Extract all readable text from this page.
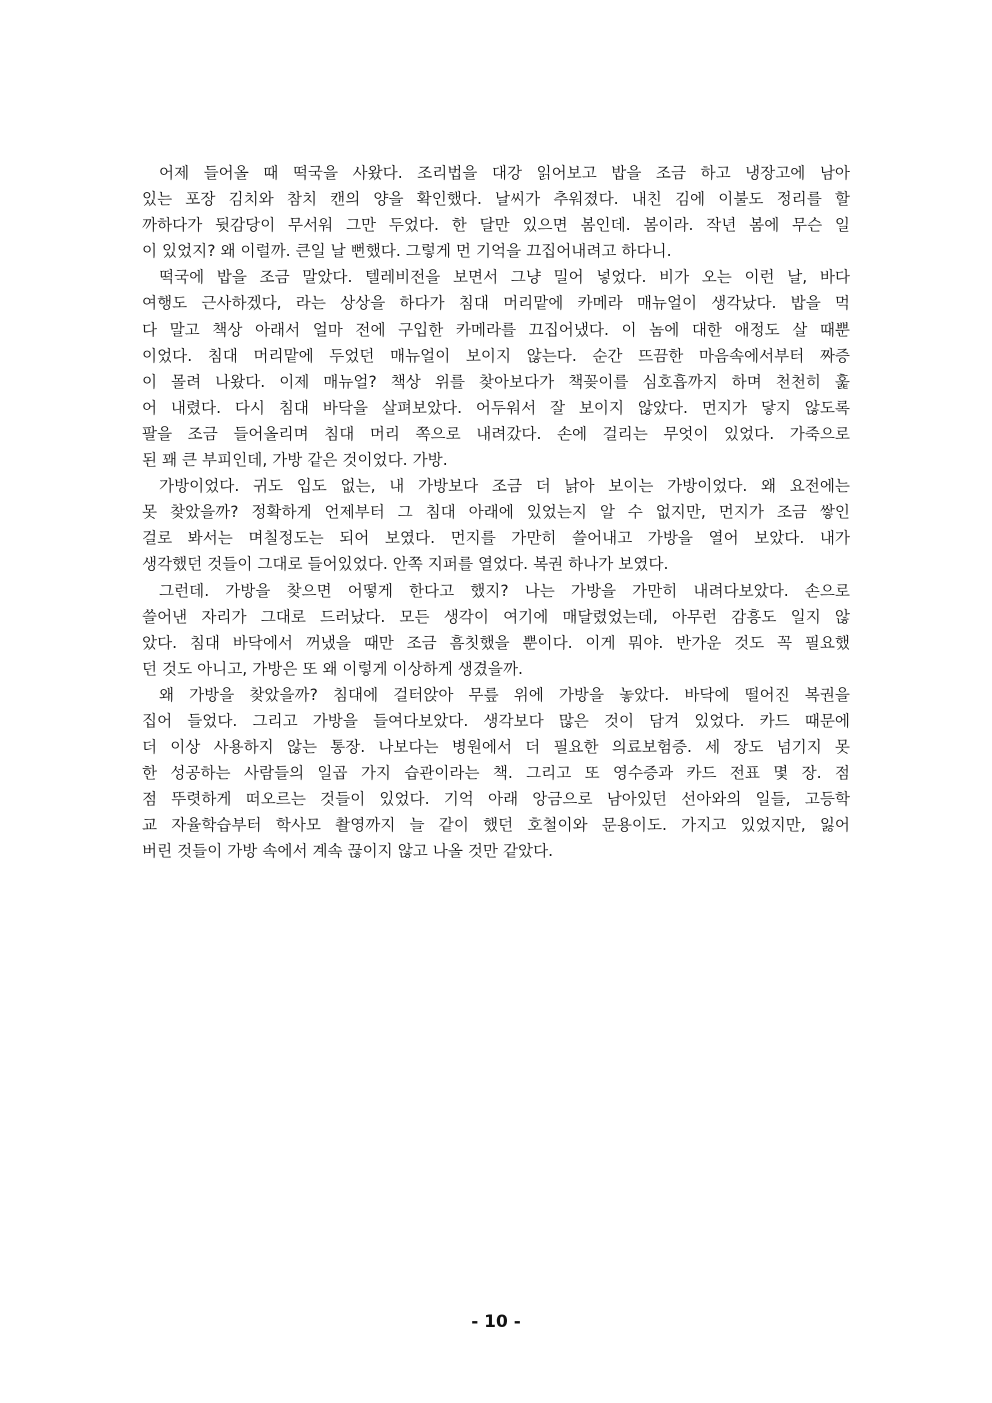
어제 들어올 때 떡국을 사왔다. 조리법을 대강 읽어보고 밥을 조금 하고 냉장고에 남아
있는 포장 김치와 참치 캔의 양을 확인했다. 날씨가 추워졌다. 내친 김에 이불도 정리를 할
까하다가 뒷감당이 무서워 그만 두었다. 한 달만 있으면 봄인데. 봄이라. 작년 봄에 무슨 일
이 있었지? 왜 이럴까. 큰일 날 뻔했다. 그렇게 먼 기억을 끄집어내려고 하다니.
떡국에 밥을 조금 말았다. 텔레비전을 보면서 그냥 밀어 넣었다. 비가 오는 이런 날, 바다
여행도 근사하겠다, 라는 상상을 하다가 침대 머리맡에 카메라 매뉴얼이 생각났다. 밥을 먹
다 말고 책상 아래서 얼마 전에 구입한 카메라를 끄집어냈다. 이 놈에 대한 애정도 살 때뿐
이었다. 침대 머리맡에 두었던 매뉴얼이 보이지 않는다. 순간 뜨끔한 마음속에서부터 짜증
이 몰려 나왔다. 이제 매뉴얼? 책상 위를 찾아보다가 책꽂이를 심호흡까지 하며 천천히 훑
어 내렸다. 다시 침대 바닥을 살펴보았다. 어두워서 잘 보이지 않았다. 먼지가 닿지 않도록
팔을 조금 들어올리며 침대 머리 쪽으로 내려갔다. 손에 걸리는 무엇이 있었다. 가죽으로
된 꽤 큰 부피인데, 가방 같은 것이었다. 가방.
가방이었다. 귀도 입도 없는, 내 가방보다 조금 더 낡아 보이는 가방이었다. 왜 요전에는
못 찾았을까? 정확하게 언제부터 그 침대 아래에 있었는지 알 수 없지만, 먼지가 조금 쌓인
걸로 봐서는 며칠정도는 되어 보였다. 먼지를 가만히 쓸어내고 가방을 열어 보았다. 내가
생각했던 것들이 그대로 들어있었다. 안쪽 지퍼를 열었다. 복권 하나가 보였다.
그런데. 가방을 찾으면 어떻게 한다고 했지? 나는 가방을 가만히 내려다보았다. 손으로
쓸어낸 자리가 그대로 드러났다. 모든 생각이 여기에 매달렸었는데, 아무런 감흥도 일지 않
았다. 침대 바닥에서 꺼냈을 때만 조금 흠칫했을 뿐이다. 이게 뭐야. 반가운 것도 꼭 필요했
던 것도 아니고, 가방은 또 왜 이렇게 이상하게 생겼을까.
왜 가방을 찾았을까? 침대에 걸터앉아 무릎 위에 가방을 놓았다. 바닥에 떨어진 복권을
집어 들었다. 그리고 가방을 들여다보았다. 생각보다 많은 것이 담겨 있었다. 카드 때문에
더 이상 사용하지 않는 통장. 나보다는 병원에서 더 필요한 의료보험증. 세 장도 넘기지 못
한 성공하는 사람들의 일곱 가지 습관이라는 책. 그리고 또 영수증과 카드 전표 몇 장. 점
점 뚜렷하게 떠오르는 것들이 있었다. 기억 아래 앙금으로 남아있던 선아와의 일들, 고등학
교 자율학습부터 학사모 촬영까지 늘 같이 했던 호철이와 문용이도. 가지고 있었지만, 잃어
버린 것들이 가방 속에서 계속 끊이지 않고 나올 것만 같았다.
- 10 -
